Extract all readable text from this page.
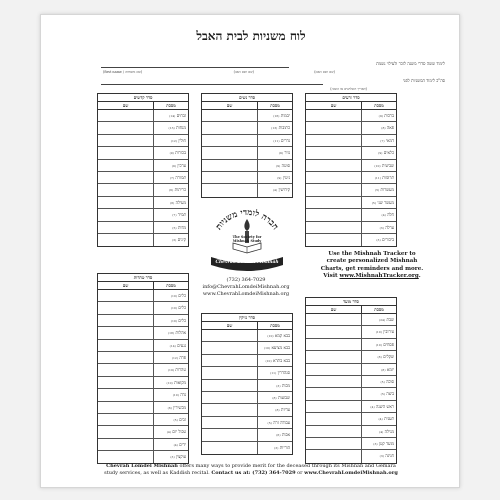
לוח משניות לבית האבל
לימוד ששה סדרי משנה לזכר ולעילוי נשמת
(שם ושם האב)
(first name / שם משפחה)	(שם ושם האם)
סה"כ לימוד המשניות לפני
(תאריך השלושים או השנה)
סדר זרעים
שם	מסכת
ברכות (9)
פאה (8)
דמאי (7)
כלאים (9)
שביעית (10)
תרומות (11)
מעשרות (5)
מעשר שני (5)
חלה (4)
ערלה (3)
ביכורים (3)
סדר נשים
שם	מסכת
יבמות (16)
כתובות (13)
נדרים (11)
נזיר (9)
סוטה (9)
גיטין (9)
קידושין (4)
סדר קדשים
שם	מסכת
זבחים (14)
מנחות (13)
חולין (12)
בכורות (9)
ערכין (9)
תמורה (7)
כריתות (6)
מעילה (6)
תמיד (7)
מדות (5)
קינים (3)
סדר טהרות
שם	מסכת
כלים (10)
כלים (10)
כלים (10)
אהלות (18)
נגעים (14)
פרה (12)
טהרות (10)
מקואות (10)
נדה (10)
מכשירין (6)
זבים (5)
טבול יום (4)
ידים (4)
עוקצין (3)
סדר נזיקין
שם	מסכת
בבא קמא (10)
בבא מציעא (10)
בבא בתרא (10)
סנהדרין (11)
מכות (3)
שבועות (8)
עדיות (8)
עבודה זרה (5)
אבות (6)
הוריות (3)
סדר מועד
שם	מסכת
שבת (24)
עירובין (10)
פסחים (10)
שקלים (8)
יומא (8)
סוכה (5)
ביצה (5)
ראש השנה (4)
תענית (4)
מגילה (4)
מועד קטן (3)
חגיגה (3)
חברה לומדי משניות
The Society for
Mishnah Study
Chevrah Lomdei Mishnah
(732) 364-7029
info@ChevrahLomdeiMishnah.org
www.ChevrahLomdeiMishnah.org
Use the Mishnah Tracker to
create personalized Mishnah
Charts, get reminders and more.
Visit www.MishnahTracker.org.
Chevrah Lomdei Mishnah offers many ways to provide merit for the deceased through its Mishnah and Gemara
study services, as well as Kaddish recital. Contact us at: (732) 364-7029 or www.ChevrahLomdeiMishnah.org
